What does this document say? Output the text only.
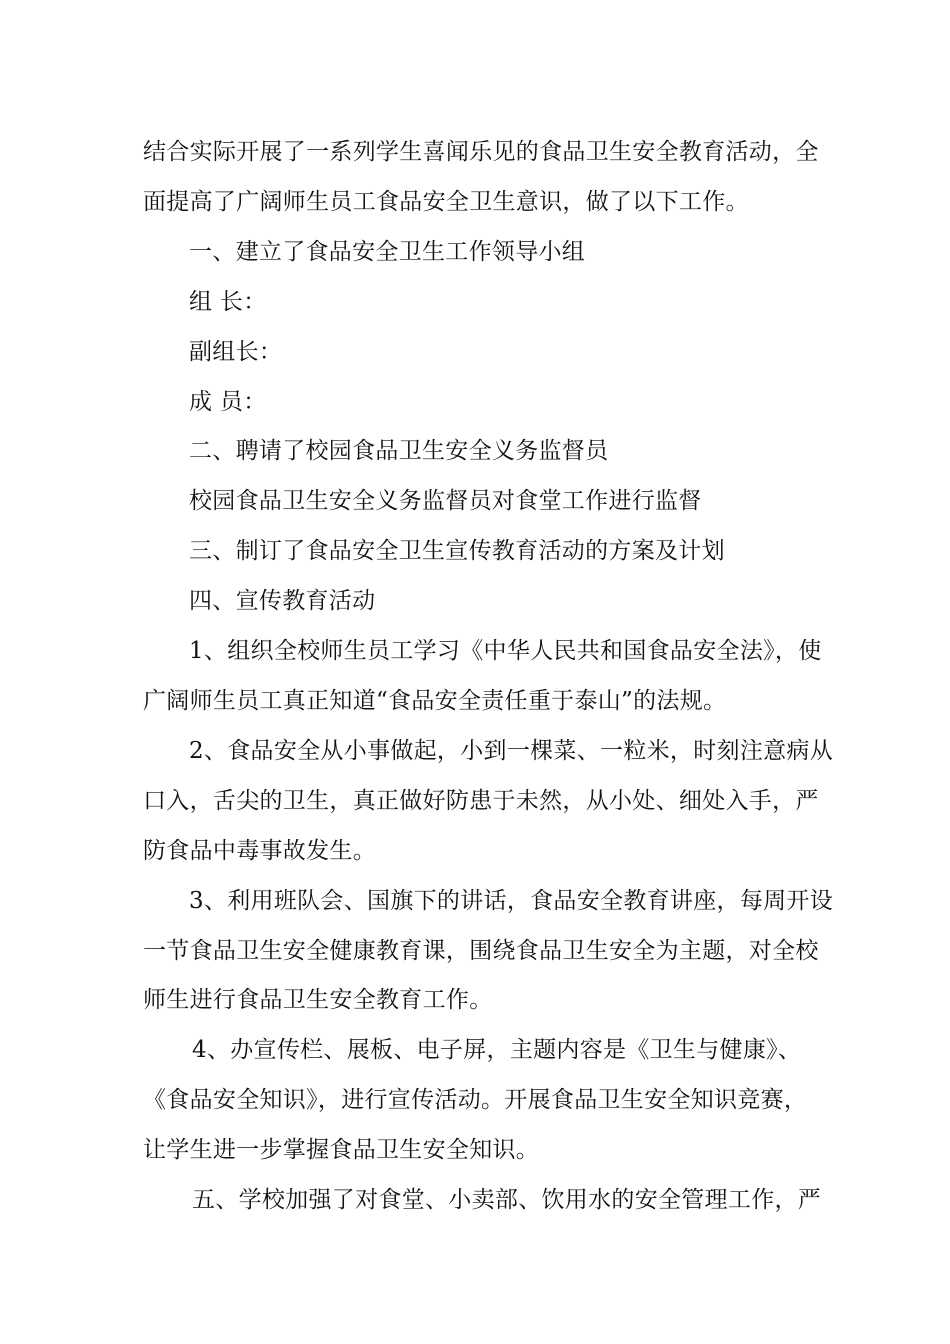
结合实际开展了一系列学生喜闻乐见的食品卫生安全教育活动，全
面提高了广阔师生员工食品安全卫生意识，做了以下工作。
一、建立了食品安全卫生工作领导小组
组 长：
副组长：
成 员：
二、聘请了校园食品卫生安全义务监督员
校园食品卫生安全义务监督员对食堂工作进行监督
三、制订了食品安全卫生宣传教育活动的方案及计划
四、宣传教育活动
1、组织全校师生员工学习《中华人民共和国食品安全法》，使
广阔师生员工真正知道“食品安全责任重于泰山”的法规。
2、食品安全从小事做起，小到一棵菜、一粒米，时刻注意病从
口入，舌尖的卫生，真正做好防患于未然，从小处、细处入手，严
防食品中毒事故发生。
3、利用班队会、国旗下的讲话，食品安全教育讲座，每周开设
一节食品卫生安全健康教育课，围绕食品卫生安全为主题，对全校
师生进行食品卫生安全教育工作。
4、办宣传栏、展板、电子屏，主题内容是《卫生与健康》、
《食品安全知识》，进行宣传活动。开展食品卫生安全知识竞赛，
让学生进一步掌握食品卫生安全知识。
五、学校加强了对食堂、小卖部、饮用水的安全管理工作，严
